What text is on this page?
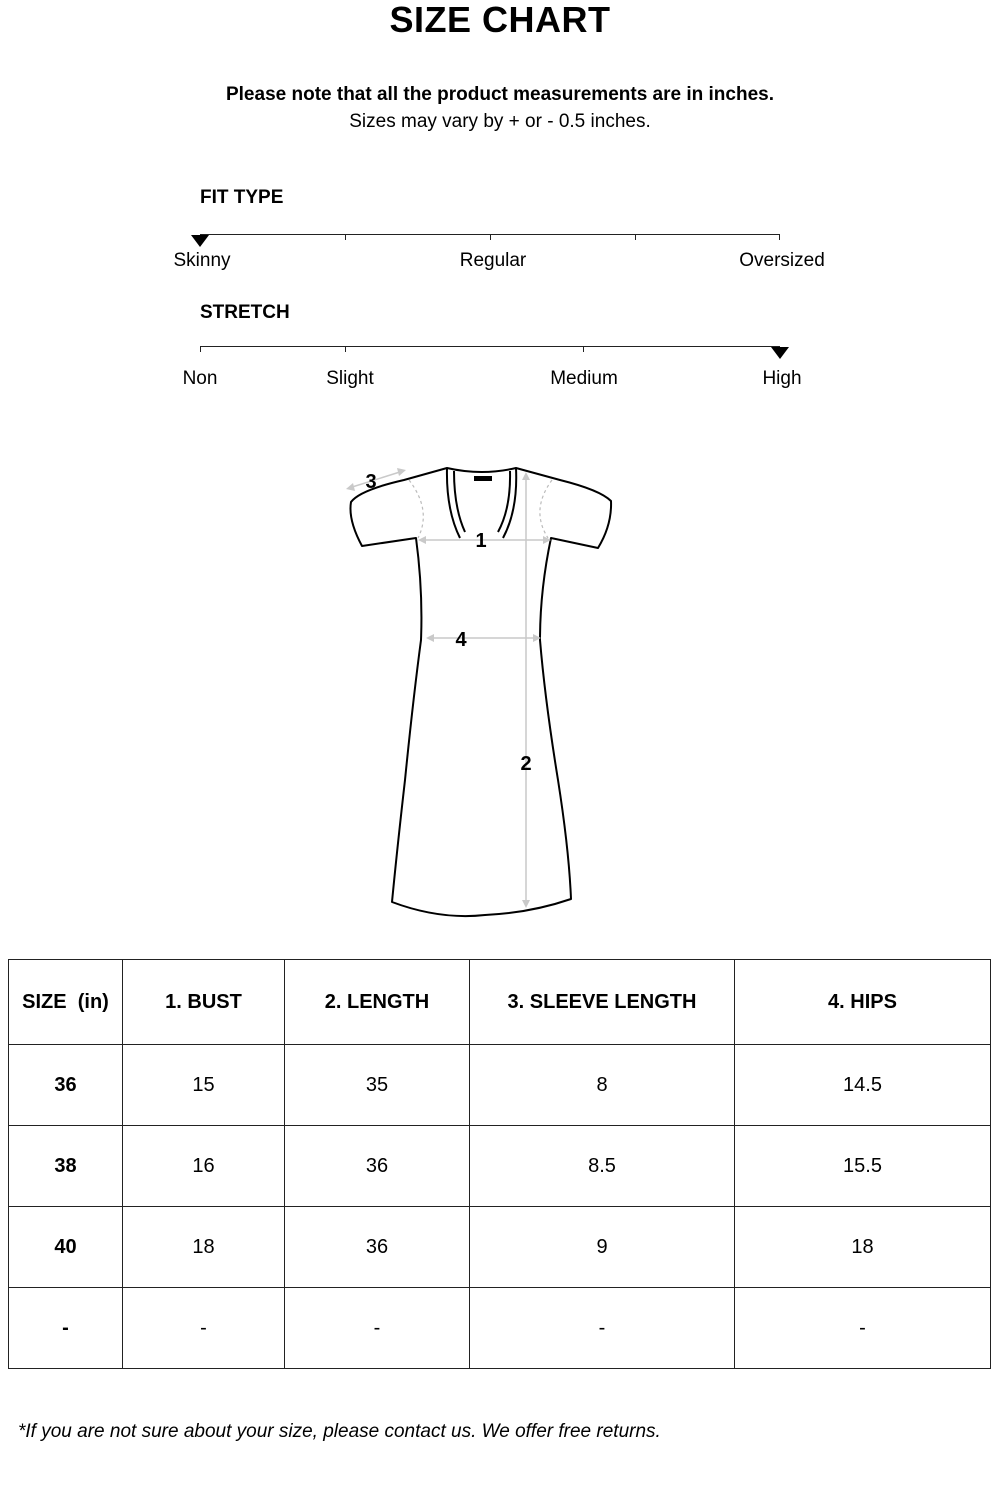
SIZE CHART
Please note that all the product measurements are in inches.
Sizes may vary by + or - 0.5 inches.
FIT TYPE
Skinny	Regular	Oversized
STRETCH
Non	Slight	Medium	High
1
2
3
4
SIZE  (in)	1. BUST	2. LENGTH	3. SLEEVE LENGTH	4. HIPS
36	15	35	8	14.5
38	16	36	8.5	15.5
40	18	36	9	18
-	-	-	-	-
*If you are not sure about your size, please contact us. We offer free returns.
